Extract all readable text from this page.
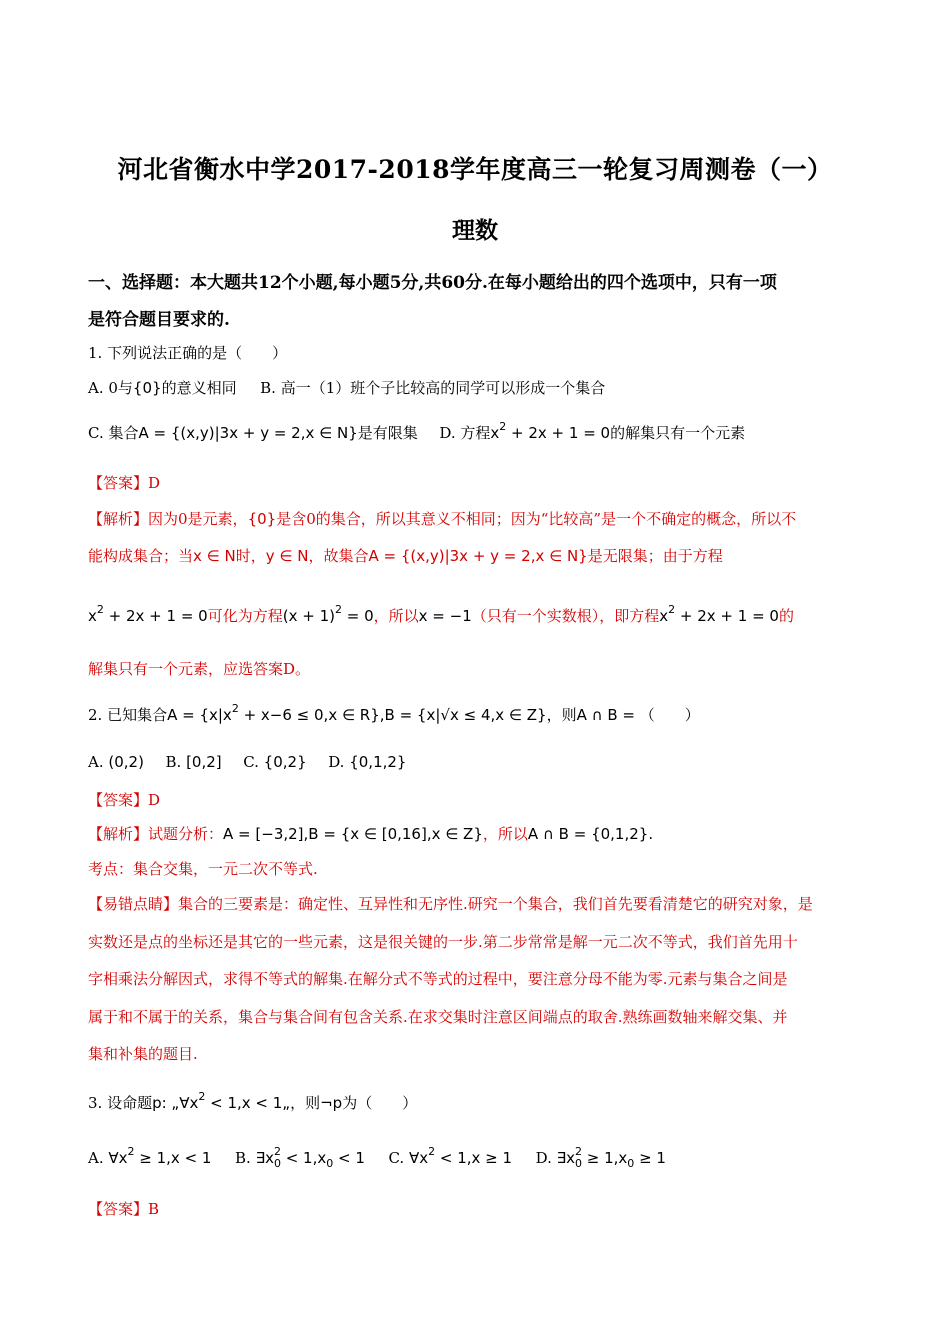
河北省衡水中学2017-2018学年度高三一轮复习周测卷（一）
理数
一、选择题：本大题共12个小题,每小题5分,共60分.在每小题给出的四个选项中，只有一项
是符合题目要求的.
1. 下列说法正确的是（　　）
A. 0与{0}的意义相同 B. 高一（1）班个子比较高的同学可以形成一个集合
C. 集合A = {(x,y)|3x + y = 2,x ∈ N}是有限集 D. 方程$x^2 + 2x + 1 = 0$的解集只有一个元素
【答案】D
【解析】因为0是元素，{0}是含0的集合，所以其意义不相同；因为“比较高”是一个不确定的概念，所以不
能构成集合；当x ∈ N时，y ∈ N，故集合A = {(x,y)|3x + y = 2,x ∈ N}是无限集；由于方程
$x^2 + 2x + 1 = 0$可化为方程$(x + 1)^2 = 0$，所以x = −1（只有一个实数根），即方程$x^2 + 2x + 1 = 0$的
解集只有一个元素，应选答案D。
2. 已知集合$A = \{x|x^2 + x-6 \le 0,x$ ∈ R},B = {x|√x ≤ 4,x ∈ Z}，则A ∩ B = （　　）
A. (0,2) B. [0,2] C. {0,2} D. {0,1,2}
【答案】D
【解析】试题分析：A = [−3,2],B = {x ∈ [0,16],x ∈ Z}，所以A ∩ B = {0,1,2}.
考点：集合交集，一元二次不等式.
【易错点睛】集合的三要素是：确定性、互异性和无序性.研究一个集合，我们首先要看清楚它的研究对象，是
实数还是点的坐标还是其它的一些元素，这是很关键的一步.第二步常常是解一元二次不等式，我们首先用十
字相乘法分解因式，求得不等式的解集.在解分式不等式的过程中，要注意分母不能为零.元素与集合之间是
属于和不属于的关系，集合与集合间有包含关系.在求交集时注意区间端点的取舍.熟练画数轴来解交集、并
集和补集的题目.
3. 设命题p: $„\forall x^2 < 1,x$ < 1„，则¬p为（　　）
A. $\forall x^2 \ge 1,x < 1$ B. $\exists x^2_0 < 1,x_0 < 1$ C. $\forall x^2 < 1,x \ge 1$ D. $\exists x^2_0 \ge 1,x_0 \ge 1$
【答案】B
